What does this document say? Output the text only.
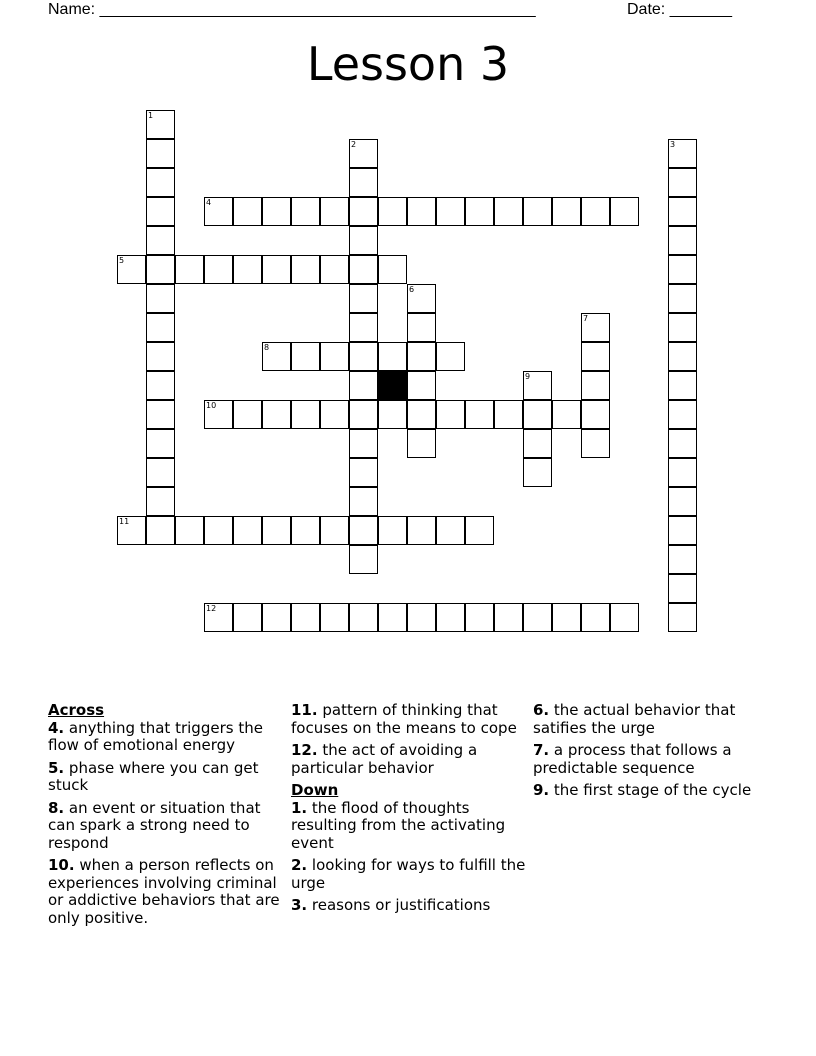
Name: _________________________________________________	Date: _______
Lesson 3
1
2	3
4
5
6
7
8
9
10
11
12
Across
4. anything that triggers the flow of emotional energy
5. phase where you can get stuck
8. an event or situation that can spark a strong need to respond
10. when a person reflects on experiences involving criminal or addictive behaviors that are only positive.
11. pattern of thinking that focuses on the means to cope
12. the act of avoiding a particular behavior
Down
1. the flood of thoughts resulting from the activating event
2. looking for ways to fulfill the urge
3. reasons or justifications
6. the actual behavior that satifies the urge
7. a process that follows a predictable sequence
9. the first stage of the cycle
